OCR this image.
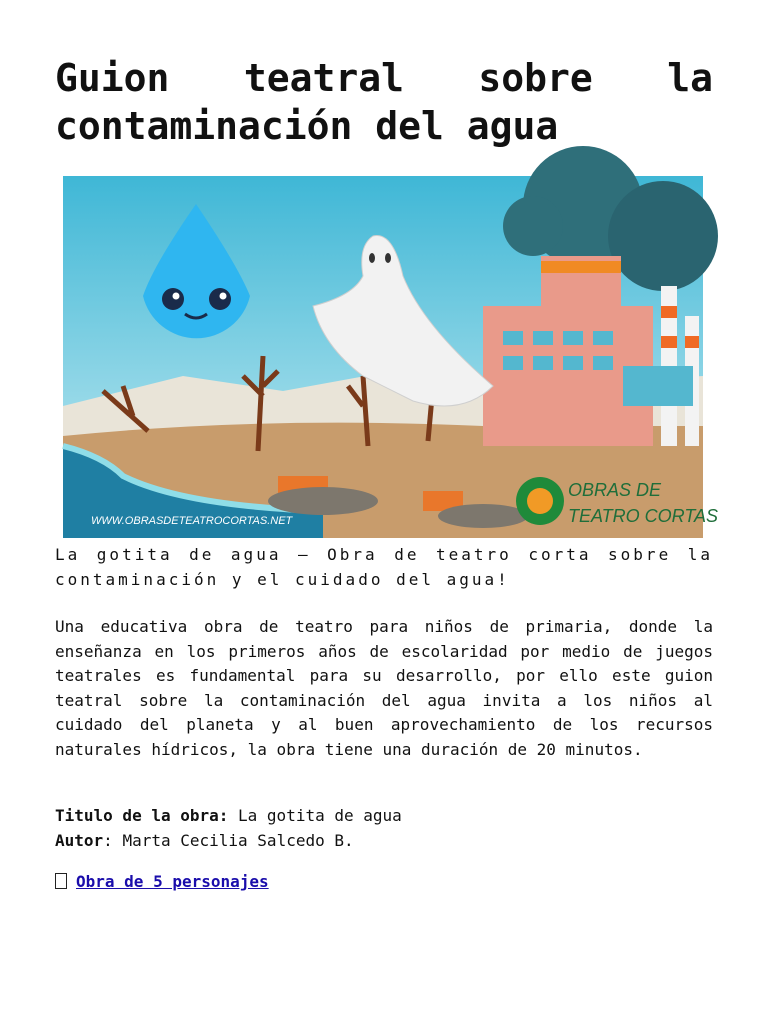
Guion teatral sobre la
contaminación del agua
OBRAS DE
TEATRO CORTAS
WWW.OBRASDETEATROCORTAS.NET
La gotita de agua – Obra de teatro corta sobre la contaminación y el cuidado del agua!

Una educativa obra de teatro para niños de primaria, donde la enseñanza en los primeros años de escolaridad por medio de juegos teatrales es fundamental para su desarrollo, por ello este guion teatral sobre la contaminación del agua invita a los niños al cuidado del planeta y al buen aprovechamiento de los recursos naturales hídricos, la obra tiene una duración de 20 minutos.

Titulo de la obra: La gotita de agua
Autor: Marta Cecilia Salcedo B.
Obra de 5 personajes
